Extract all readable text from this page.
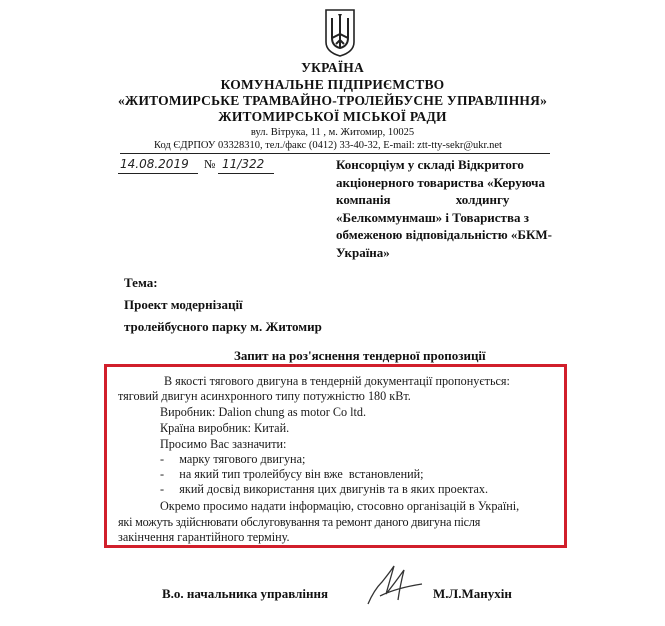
УКРАЇНА
КОМУНАЛЬНЕ ПІДПРИЄМСТВО
«ЖИТОМИРСЬКЕ ТРАМВАЙНО-ТРОЛЕЙБУСНЕ УПРАВЛІННЯ»
ЖИТОМИРСЬКОЇ МІСЬКОЇ РАДИ
вул. Вітрука, 11 , м. Житомир, 10025
Код ЄДРПОУ 03328310, тел./факс (0412) 33-40-32, E-mail: ztt-tty-sekr@ukr.net
14.08.2019 № 11/322	Консорціум у складі Відкритого
акціонерного товариства «Керуюча
компанія холдингу
«Белкоммунмаш» і Товариства з
обмеженою відповідальністю «БКМ-
Україна»
Тема:
Проект модернізації
тролейбусного парку м. Житомир
Запит на роз'яснення тендерної пропозиції
В якості тягового двигуна в тендерній документації пропонується:
тяговий двигун асинхронного типу потужністю 180 кВт.
Виробник: Dalion chung as motor Co ltd.
Країна виробник: Китай.
Просимо Вас зазначити:
-     марку тягового двигуна;
-     на який тип тролейбусу він вже  встановлений;
-     який досвід використання цих двигунів та в яких проектах.
Окремо просимо надати інформацію, стосовно організацій в Україні,
які можуть здійснювати обслуговування та ремонт даного двигуна після
закінчення гарантійного терміну.
В.о. начальника управління	М.Л.Манухін
